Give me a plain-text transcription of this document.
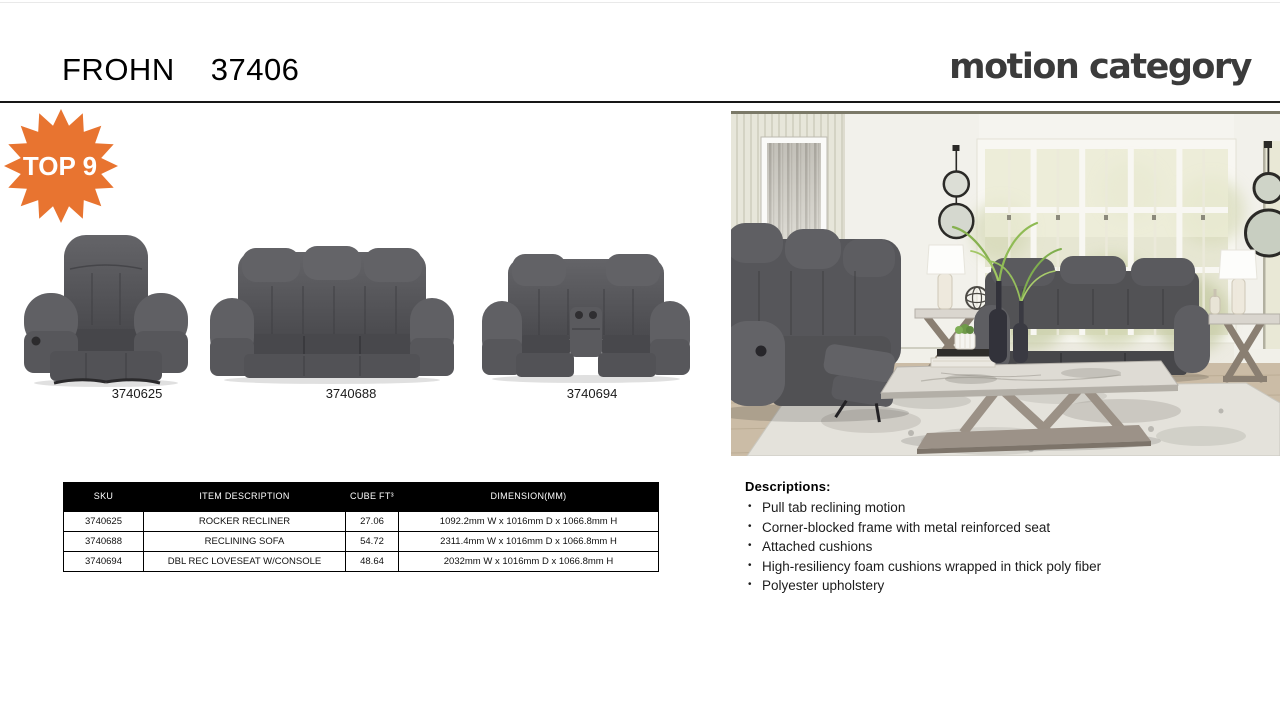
FROHN 37406	motion category
TOP 9
3740625	3740688	3740694
SKU	ITEM DESCRIPTION	CUBE FT³	DIMENSION(MM)
3740625	ROCKER RECLINER	27.06	1092.2mm W x 1016mm D x 1066.8mm H
3740688	RECLINING SOFA	54.72	2311.4mm W x 1016mm D x 1066.8mm H
3740694	DBL REC LOVESEAT W/CONSOLE	48.64	2032mm W x 1016mm D x 1066.8mm H
Descriptions:
• Pull tab reclining motion
• Corner-blocked frame with metal reinforced seat
• Attached cushions
• High-resiliency foam cushions wrapped in thick poly fiber
• Polyester upholstery
